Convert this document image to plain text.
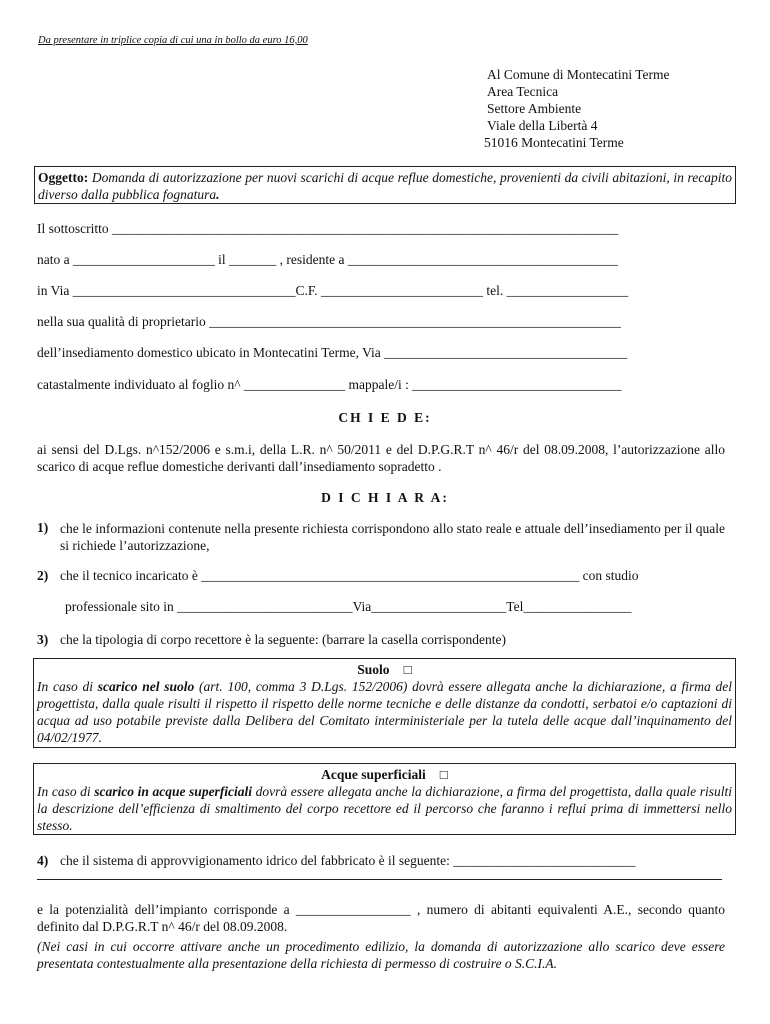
Da presentare in triplice copia di cui una in bollo da euro 16,00
Al Comune di Montecatini Terme
Area Tecnica
Settore Ambiente
Viale della Libertà 4
51016 Montecatini Terme
Oggetto: Domanda di autorizzazione per nuovi scarichi di acque reflue domestiche, provenienti da civili abitazioni, in recapito diverso dalla pubblica fognatura.
Il sottoscritto ___________________________________________________________________________
nato a _____________________ il _______ , residente a ________________________________________
in Via _________________________________C.F. ________________________ tel. __________________
nella sua qualità di proprietario _____________________________________________________________
dell’insediamento domestico ubicato in Montecatini Terme, Via ____________________________________
catastalmente individuato al foglio n^ _______________ mappale/i : _______________________________
CH I E D E:
ai sensi del D.Lgs. n^152/2006 e s.m.i, della L.R. n^ 50/2011 e del D.P.G.R.T n^ 46/r del 08.09.2008, l’autorizzazione allo scarico di acque reflue domestiche derivanti dall’insediamento sopradetto .
D I C H I A R A:
1) che le informazioni contenute nella presente richiesta corrispondono allo stato reale e attuale dell’insediamento per il quale si richiede l’autorizzazione,
2) che il tecnico incaricato è ________________________________________________________ con studio
professionale sito in __________________________Via____________________Tel________________
3) che la tipologia di corpo recettore è la seguente: (barrare la casella corrispondente)
Suolo □
In caso di scarico nel suolo (art. 100, comma 3 D.Lgs. 152/2006) dovrà essere allegata anche la dichiarazione, a firma del progettista, dalla quale risulti il rispetto il rispetto delle norme tecniche e delle distanze da condotti, serbatoi e/o captazioni di acqua ad uso potabile previste dalla Delibera del Comitato interministeriale per la tutela delle acque dall’inquinamento del 04/02/1977.
Acque superficiali □
In caso di scarico in acque superficiali dovrà essere allegata anche la dichiarazione, a firma del progettista, dalla quale risulti la descrizione dell’efficienza di smaltimento del corpo recettore ed il percorso che faranno i reflui prima di immettersi nello stesso.
4) che il sistema di approvvigionamento idrico del fabbricato è il seguente: ___________________________
e la potenzialità dell’impianto corrisponde a _________________ , numero di abitanti equivalenti A.E., secondo quanto definito dal D.P.G.R.T n^ 46/r del 08.09.2008.
(Nei casi in cui occorre attivare anche un procedimento edilizio, la domanda di autorizzazione allo scarico deve essere presentata contestualmente alla presentazione della richiesta di permesso di costruire o S.C.I.A.
